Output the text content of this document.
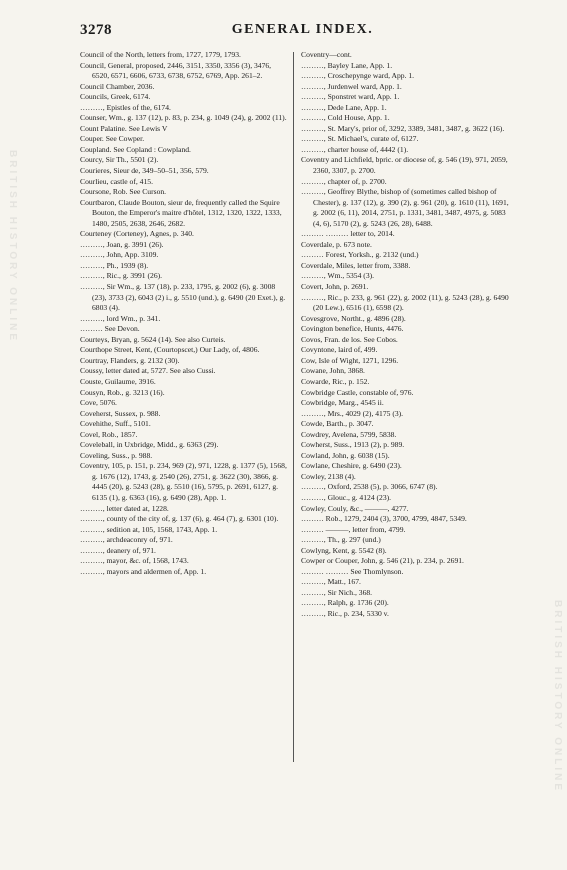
3278	GENERAL INDEX.

Council of the North, letters from, 1727, 1779, 1793.

Council, General, proposed, 2446, 3151, 3350, 3356 (3), 3476, 6520, 6571, 6606, 6733, 6738, 6752, 6769, App. 261–2.

Council Chamber, 2036.

Councils, Greek, 6174.

………, Epistles of the, 6174.

Counser, Wm., g. 137 (12), p. 83, p. 234, g. 1049 (24), g. 2002 (11).

Count Palatine. See Lewis V

Couper. See Cowper.

Coupland. See Copland : Cowpland.

Courcy, Sir Th., 5501 (2).

Courieres, Sieur de, 349–50–51, 356, 579.

Courlieu, castle of, 415.

Coursone, Rob. See Curson.

Courtbaron, Claude Bouton, sieur de, frequently called the Squire Bouton, the Emperor's maitre d'hôtel, 1312, 1320, 1322, 1333, 1480, 2505, 2638, 2646, 2682.

Courteney (Corteney), Agnes, p. 340.

………, Joan, g. 3991 (26).

………, John, App. 3109.

………, Ph., 1939 (8).

………, Ric., g. 3991 (26).

………, Sir Wm., g. 137 (18), p. 233, 1795, g. 2002 (6), g. 3008 (23), 3733 (2), 6043 (2) i., g. 5510 (und.), g. 6490 (20 Exet.), g. 6803 (4).

………, lord Wm., p. 341.

……… See Devon.

Courteys, Bryan, g. 5624 (14). See also Curteis.

Courthope Street, Kent, (Courtopscet,) Our Lady, of, 4806.

Courtray, Flanders, g. 2132 (30).

Coussy, letter dated at, 5727. See also Cussi.

Couste, Guilaume, 3916.

Cousyn, Rob., g. 3213 (16).

Cove, 5076.

Coveherst, Sussex, p. 988.

Covehithe, Suff., 5101.

Covel, Rob., 1857.

Coveleball, in Uxbridge, Midd., g. 6363 (29).

Coveling, Suss., p. 988.

Coventry, 105, p. 151, p. 234, 969 (2), 971, 1228, g. 1377 (5), 1568, g. 1676 (12), 1743, g. 2540 (26), 2751, g. 3622 (30), 3866, g. 4445 (20), g. 5243 (28), g. 5510 (16), 5795, p. 2691, 6127, g. 6135 (1), g. 6363 (16), g. 6490 (28), App. 1.

………, letter dated at, 1228.

………, county of the city of, g. 137 (6), g. 464 (7), g. 6301 (10).

………, sedition at, 105, 1568, 1743, App. 1.

………, archdeaconry of, 971.

………, deanery of, 971.

………, mayor, &c. of, 1568, 1743.

………, mayors and aldermen of, App. 1.

Coventry—cont.

………, Bayley Lane, App. 1.

………, Croschepynge ward, App. 1.

………, Jurdenwel ward, App. 1.

………, Sponstret ward, App. 1.

………, Dede Lane, App. 1.

………, Cold House, App. 1.

………, St. Mary's, prior of, 3292, 3389, 3481, 3487, g. 3622 (16).

………, St. Michael's, curate of, 6127.

………, charter house of, 4442 (1).

Coventry and Lichfield, bpric. or diocese of, g. 546 (19), 971, 2059, 2360, 3307, p. 2700.

………, chapter of, p. 2700.

………, Geoffrey Blythe, bishop of (sometimes called bishop of Chester), g. 137 (12), g. 390 (2), g. 961 (20), g. 1610 (11), 1691, g. 2002 (6, 11), 2014, 2751, p. 1331, 3481, 3487, 4975, g. 5083 (4, 6), 5170 (2), g. 5243 (26, 28), 6488.

……… ……… letter to, 2014.

Coverdale, p. 673 note.

……… Forest, Yorksh., g. 2132 (und.)

Coverdale, Miles, letter from, 3388.

………, Wm., 5354 (3).

Covert, John, p. 2691.

………, Ric., p. 233, g. 961 (22), g. 2002 (11), g. 5243 (28), g. 6490 (20 Lew.), 6516 (1), 6598 (2).

Covesgrove, Northt., g. 4896 (28).

Covington benefice, Hunts, 4476.

Covos, Fran. de los. See Cobos.

Covyntone, laird of, 499.

Cow, Isle of Wight, 1271, 1296.

Cowane, John, 3868.

Cowarde, Ric., p. 152.

Cowbridge Castle, constable of, 976.

Cowbridge, Marg., 4545 ii.

………, Mrs., 4029 (2), 4175 (3).

Cowde, Barth., p. 3047.

Cowdrey, Avelena, 5799, 5838.

Cowherst, Suss., 1913 (2), p. 989.

Cowland, John, g. 6038 (15).

Cowlane, Cheshire, g. 6490 (23).

Cowley, 2138 (4).

………, Oxford, 2538 (5), p. 3066, 6747 (8).

………, Glouc., g. 4124 (23).

Cowley, Couly, &c., ———, 4277.

……… Rob., 1279, 2404 (3), 3700, 4799, 4847, 5349.

……… ———, letter from, 4799.

………, Th., g. 297 (und.)

Cowlyng, Kent, g. 5542 (8).

Cowper or Couper, John, g. 546 (21), p. 234, p. 2691.

……… ……… See Thomlynson.

………, Matt., 167.

………, Sir Nich., 368.

………, Ralph, g. 1736 (20).

………, Ric., p. 234, 5330 v.

BRITISH HISTORY ONLINE
BRITISH HISTORY ONLINE
